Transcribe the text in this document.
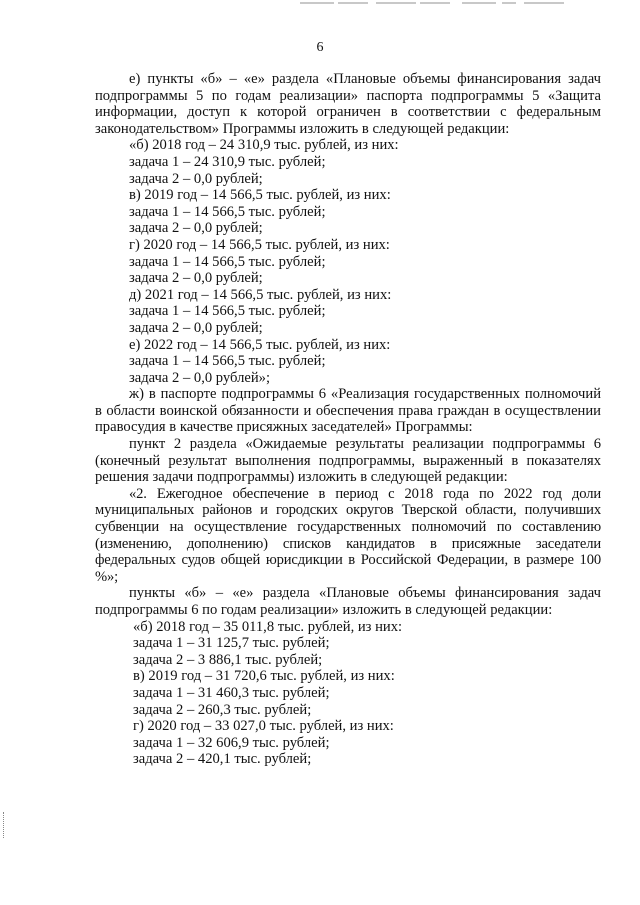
6

е) пункты «б» – «е» раздела «Плановые объемы финансирования задач подпрограммы 5 по годам реализации» паспорта подпрограммы 5 «Защита информации, доступ к которой ограничен в соответствии с федеральным законодательством» Программы изложить в следующей редакции:

«б) 2018 год – 24 310,9 тыс. рублей, из них:

задача 1 – 24 310,9 тыс. рублей;

задача 2 – 0,0 рублей;

в) 2019 год – 14 566,5 тыс. рублей, из них:

задача 1 – 14 566,5 тыс. рублей;

задача 2 – 0,0 рублей;

г) 2020 год – 14 566,5 тыс. рублей, из них:

задача 1 – 14 566,5 тыс. рублей;

задача 2 – 0,0 рублей;

д) 2021 год – 14 566,5 тыс. рублей, из них:

задача 1 – 14 566,5 тыс. рублей;

задача 2 – 0,0 рублей;

е) 2022 год – 14 566,5 тыс. рублей, из них:

задача 1 – 14 566,5 тыс. рублей;

задача 2 – 0,0 рублей»;

ж) в паспорте подпрограммы 6 «Реализация государственных полномочий в области воинской обязанности и обеспечения права граждан в осуществлении правосудия в качестве присяжных заседателей» Программы:

пункт 2 раздела «Ожидаемые результаты реализации подпрограммы 6 (конечный результат выполнения подпрограммы, выраженный в показателях решения задачи подпрограммы) изложить в следующей редакции:

«2. Ежегодное обеспечение в период с 2018 года по 2022 год доли муниципальных районов и городских округов Тверской области, получивших субвенции на осуществление государственных полномочий по составлению (изменению, дополнению) списков кандидатов в присяжные заседатели федеральных судов общей юрисдикции в Российской Федерации, в размере 100 %»;

пункты «б» – «е» раздела «Плановые объемы финансирования задач подпрограммы 6 по годам реализации» изложить в следующей редакции:

«б) 2018 год – 35 011,8 тыс. рублей, из них:

задача 1 – 31 125,7 тыс. рублей;

задача 2 – 3 886,1 тыс. рублей;

в) 2019 год – 31 720,6 тыс. рублей, из них:

задача 1 – 31 460,3 тыс. рублей;

задача 2 – 260,3 тыс. рублей;

г) 2020 год – 33 027,0 тыс. рублей, из них:

задача 1 – 32 606,9 тыс. рублей;

задача 2 – 420,1 тыс. рублей;
